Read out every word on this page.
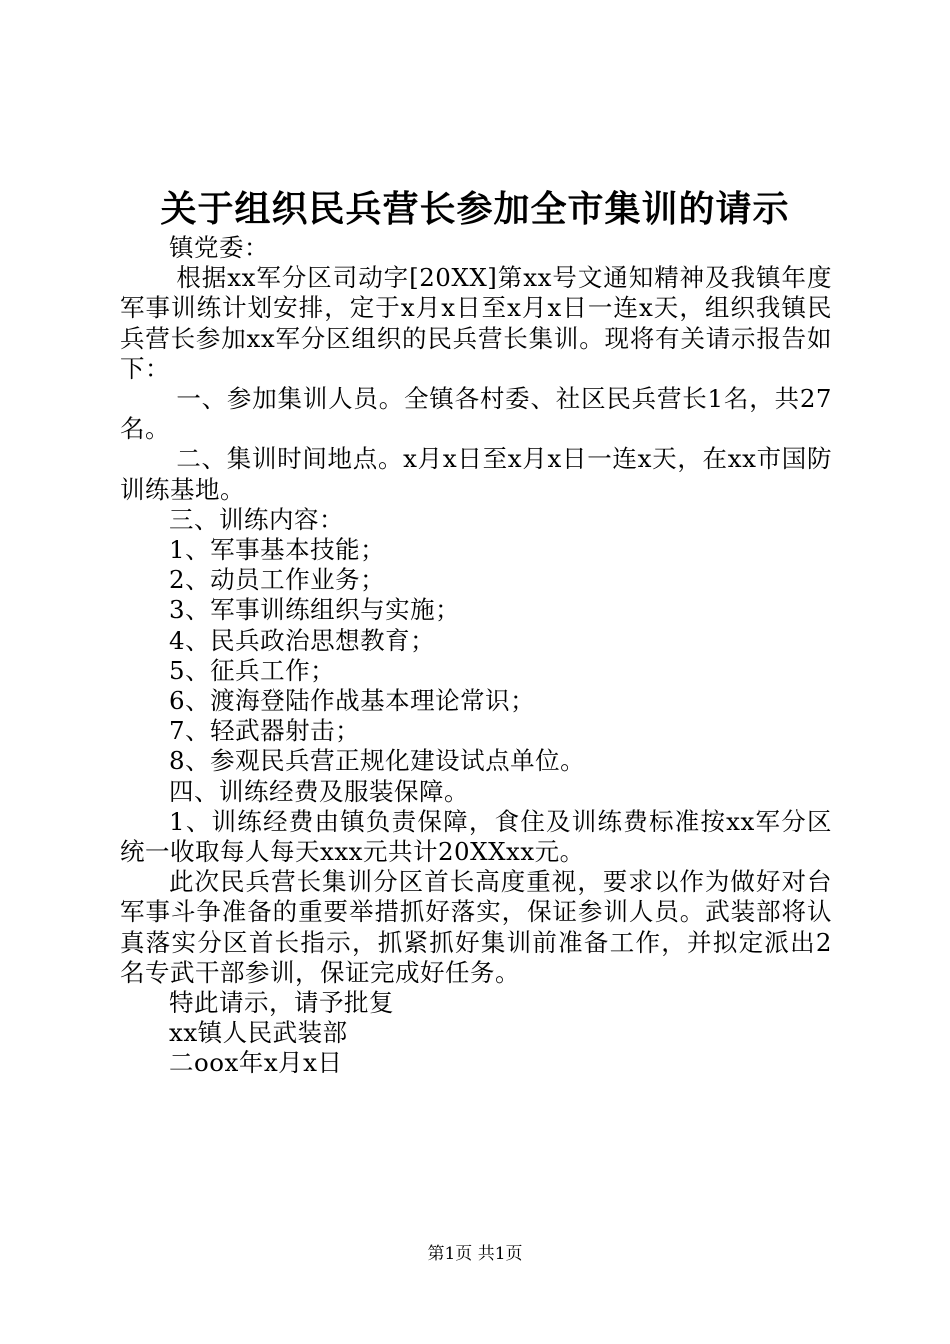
关于组织民兵营长参加全市集训的请示

镇党委：

根据xx军分区司动字[20XX]第xx号文通知精神及我镇年度军事训练计划安排，定于x月x日至x月x日一连x天，组织我镇民兵营长参加xx军分区组织的民兵营长集训。现将有关请示报告如下：

一、参加集训人员。全镇各村委、社区民兵营长1名，共27名。

二、集训时间地点。x月x日至x月x日一连x天，在xx市国防训练基地。

三、训练内容：

1、军事基本技能；

2、动员工作业务；

3、军事训练组织与实施；

4、民兵政治思想教育；

5、征兵工作；

6、渡海登陆作战基本理论常识；

7、轻武器射击；

8、参观民兵营正规化建设试点单位。

四、训练经费及服装保障。

1、训练经费由镇负责保障，食住及训练费标准按xx军分区统一收取每人每天xxx元共计20XXxx元。

此次民兵营长集训分区首长高度重视，要求以作为做好对台军事斗争准备的重要举措抓好落实，保证参训人员。武装部将认真落实分区首长指示，抓紧抓好集训前准备工作，并拟定派出2名专武干部参训，保证完成好任务。

特此请示，请予批复

xx镇人民武装部

二oox年x月x日

第1页 共1页
